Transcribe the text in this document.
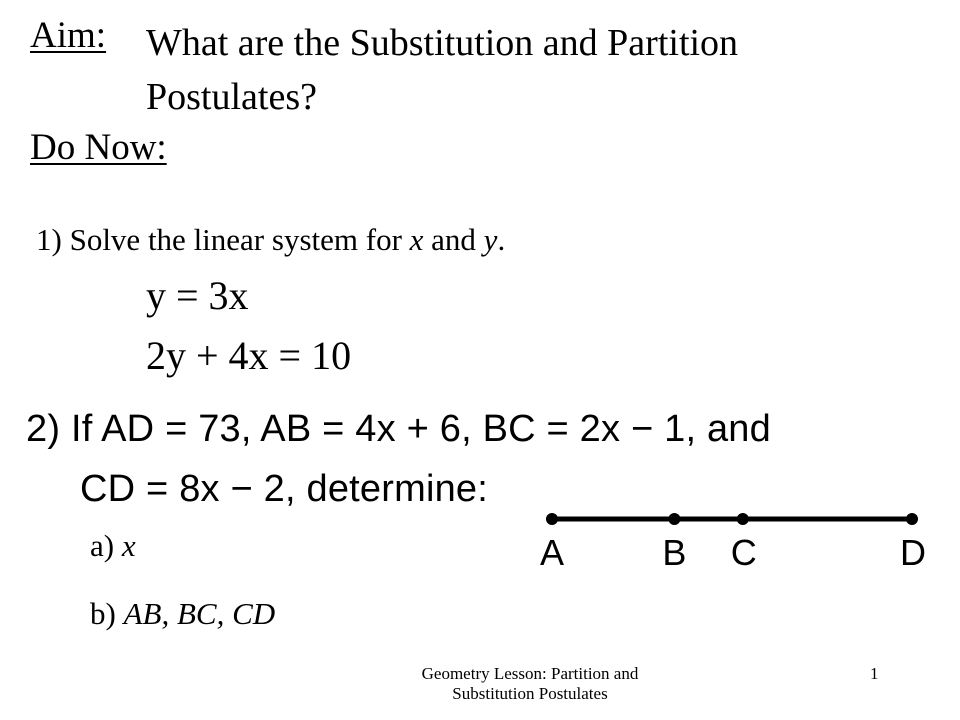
Aim: What are the Substitution and Partition
Postulates?
Do Now:
1) Solve the linear system for x and y.
y = 3x
2y + 4x = 10
2) If AD = 73, AB = 4x + 6, BC = 2x − 1, and
CD = 8x − 2, determine:
a) x
b) AB, BC, CD
A	B C	D
Geometry Lesson: Partition and Substitution Postulates
1
